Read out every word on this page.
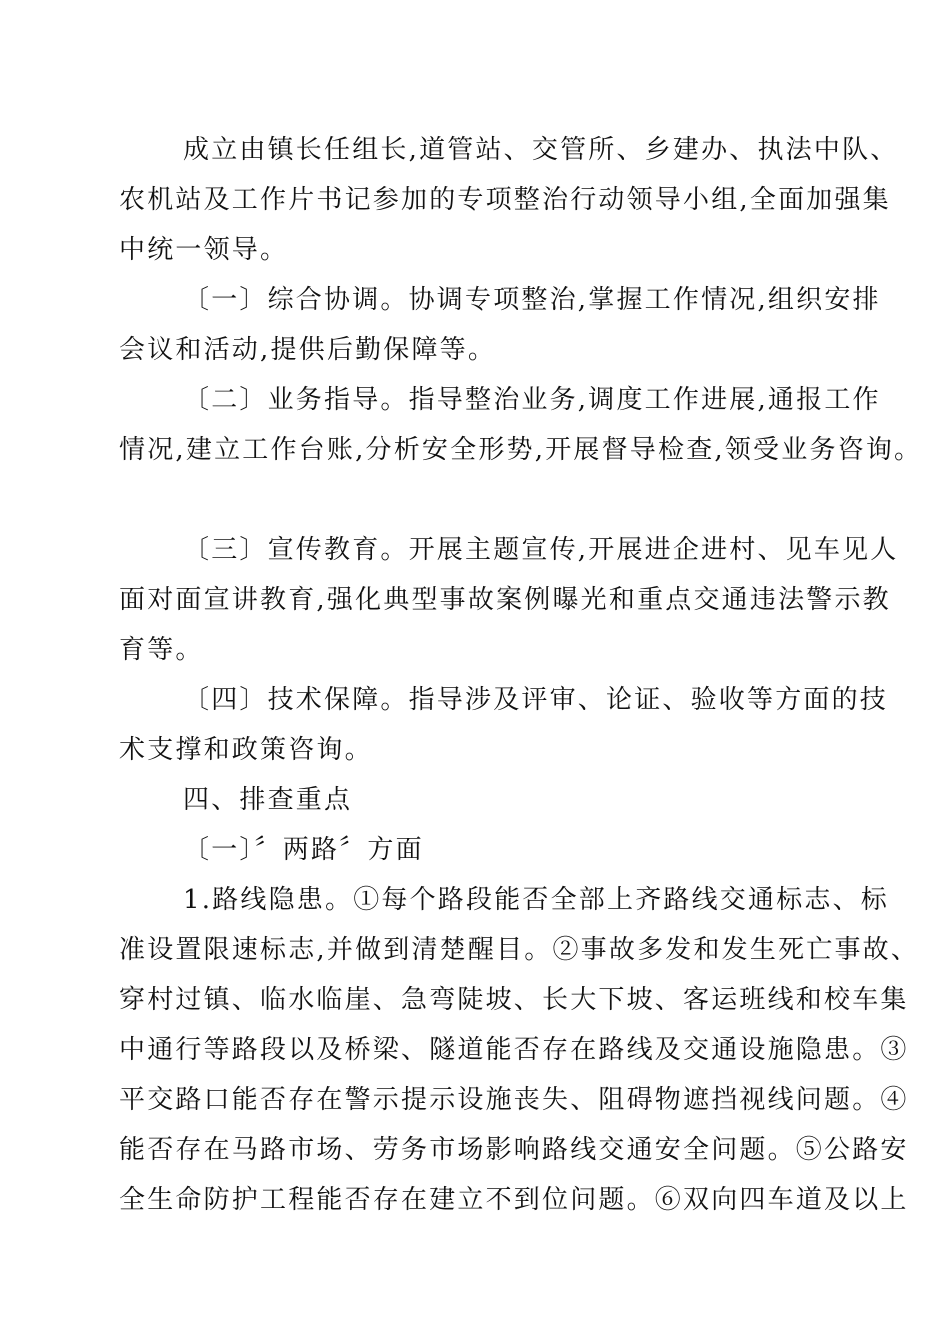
成立由镇长任组长,道管站、交管所、乡建办、执法中队、
农机站及工作片书记参加的专项整治行动领导小组,全面加强集
中统一领导。
〔一〕综合协调。协调专项整治,掌握工作情况,组织安排
会议和活动,提供后勤保障等。
〔二〕业务指导。指导整治业务,调度工作进展,通报工作
情况,建立工作台账,分析安全形势,开展督导检查,领受业务咨询。
〔三〕宣传教育。开展主题宣传,开展进企进村、见车见人
面对面宣讲教育,强化典型事故案例曝光和重点交通违法警示教
育等。
〔四〕技术保障。指导涉及评审、论证、验收等方面的技
术支撑和政策咨询。
四、排查重点
〔一〕〞两路〞方面
1.路线隐患。①每个路段能否全部上齐路线交通标志、标
准设置限速标志,并做到清楚醒目。②事故多发和发生死亡事故、
穿村过镇、临水临崖、急弯陡坡、长大下坡、客运班线和校车集
中通行等路段以及桥梁、隧道能否存在路线及交通设施隐患。③
平交路口能否存在警示提示设施丧失、阻碍物遮挡视线问题。④
能否存在马路市场、劳务市场影响路线交通安全问题。⑤公路安
全生命防护工程能否存在建立不到位问题。⑥双向四车道及以上
